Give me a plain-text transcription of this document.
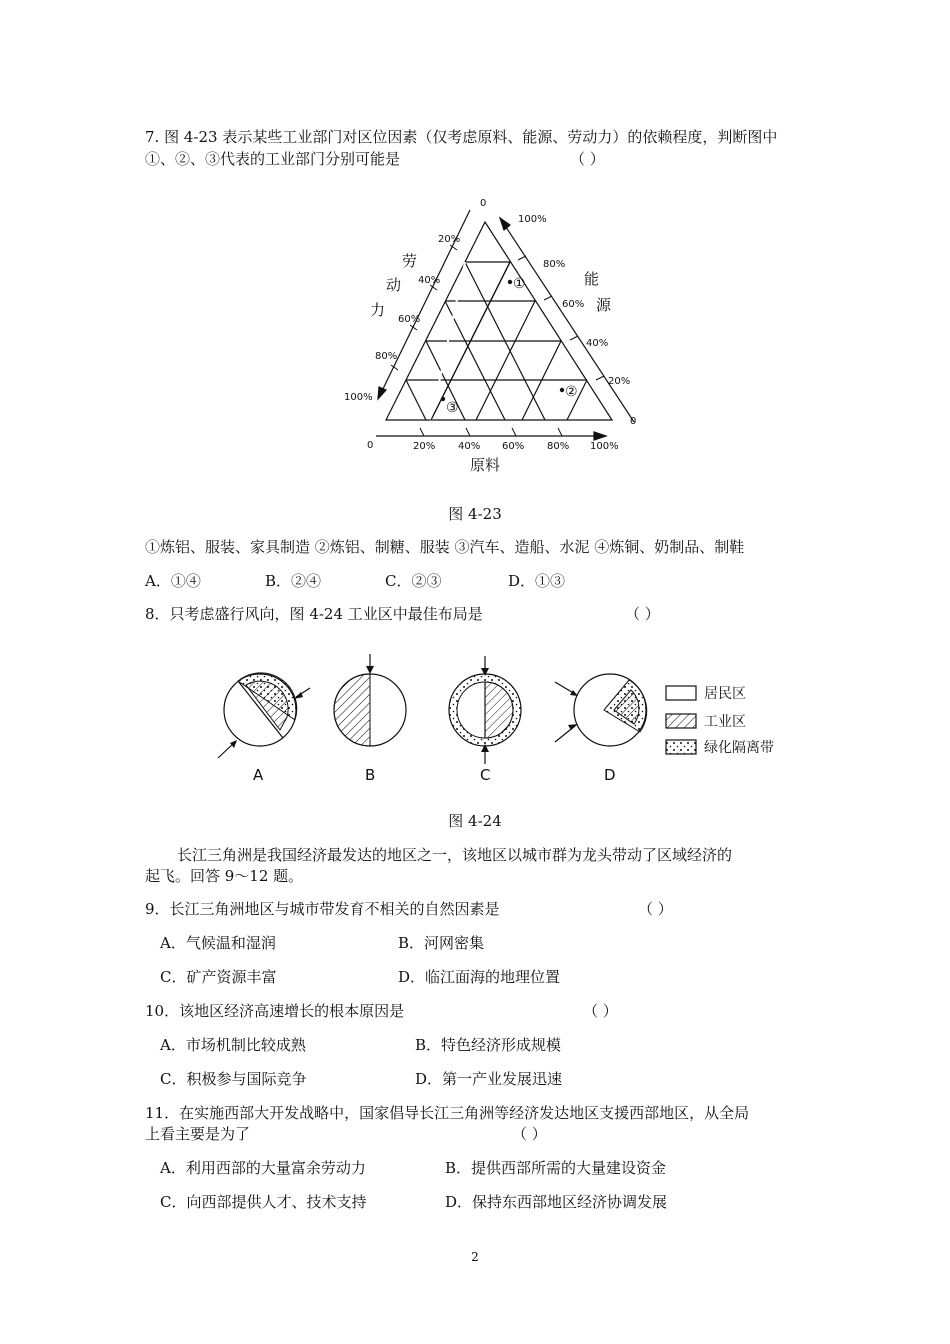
7. 图 4-23 表示某些工业部门对区位因素（仅考虑原料、能源、劳动力）的依赖程度，判断图中
①、②、③代表的工业部门分别可能是	（ ）
0
100%
80%
60%
40%
20%
0
20%
40%
60%
80%
100%
0	20% 40% 60% 80% 100%
劳
动
力
能
源
原料
①
②
③
图 4-23
①炼铝、服装、家具制造 ②炼铝、制糖、服装 ③汽车、造船、水泥 ④炼铜、奶制品、制鞋
A．①④	B．②④	C．②③	D．①③
8．只考虑盛行风向，图 4-24 工业区中最佳布局是	（ ）
A	B	C	D
居民区
工业区
绿化隔离带
图 4-24
长江三角洲是我国经济最发达的地区之一，该地区以城市群为龙头带动了区域经济的
起飞。回答 9～12 题。
9．长江三角洲地区与城市带发育不相关的自然因素是	（ ）
A．气候温和湿润	B．河网密集
C．矿产资源丰富	D．临江面海的地理位置
10．该地区经济高速增长的根本原因是	（ ）
A．市场机制比较成熟	B．特色经济形成规模
C．积极参与国际竞争	D．第一产业发展迅速
11．在实施西部大开发战略中，国家倡导长江三角洲等经济发达地区支援西部地区，从全局
上看主要是为了	（ ）
A．利用西部的大量富余劳动力	B．提供西部所需的大量建设资金
C．向西部提供人才、技术支持	D．保持东西部地区经济协调发展
2
